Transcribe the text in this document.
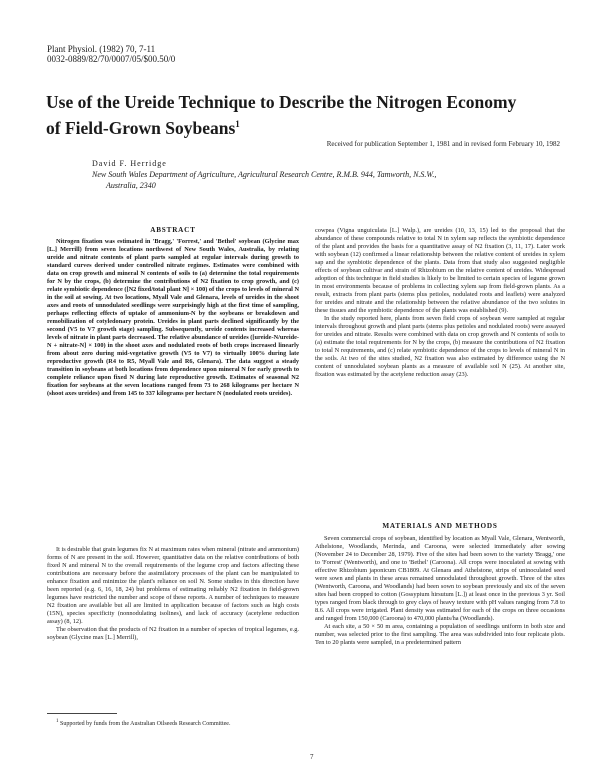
Plant Physiol. (1982) 70, 7-11
0032-0889/82/70/0007/05/$00.50/0
Use of the Ureide Technique to Describe the Nitrogen Economy
of Field-Grown Soybeans$^1$
Received for publication September 1, 1981 and in revised form February 10, 1982
David F. Herridge
New South Wales Department of Agriculture, Agricultural Research Centre, R.M.B. 944, Tamworth, N.S.W.,
Australia, 2340
ABSTRACT

Nitrogen fixation was estimated in 'Bragg,' 'Forrest,' and 'Bethel' soybean (Glycine max [L.] Merrill) from seven locations northwest of New South Wales, Australia, by relating ureide and nitrate contents of plant parts sampled at regular intervals during growth to standard curves derived under controlled nitrate regimes. Estimates were combined with data on crop growth and mineral N contents of soils to (a) determine the total requirements for N by the crops, (b) determine the contributions of N2 fixation to crop growth, and (c) relate symbiotic dependence ([N2 fixed/total plant N] × 100) of the crops to levels of mineral N in the soil at sowing. At two locations, Myall Vale and Glenara, levels of ureides in the shoot axes and roots of unnodulated seedlings were surprisingly high at the first time of sampling, perhaps reflecting effects of uptake of ammonium-N by the soybeans or breakdown and remobilization of cotyledonary protein. Ureides in plant parts declined significantly by the second (V5 to V7 growth stage) sampling. Subsequently, ureide contents increased whereas levels of nitrate in plant parts decreased. The relative abundance of ureides ([ureide-N/ureide-N + nitrate-N] × 100) in the shoot axes and nodulated roots of both crops increased linearly from about zero during mid-vegetative growth (V5 to V7) to virtually 100% during late reproductive growth (R4 to R5, Myall Vale and R6, Glenara). The data suggest a steady transition in soybeans at both locations from dependence upon mineral N for early growth to complete reliance upon fixed N during late reproductive growth. Estimates of seasonal N2 fixation for soybeans at the seven locations ranged from 73 to 268 kilograms per hectare N (shoot axes ureides) and from 145 to 337 kilograms per hectare N (nodulated roots ureides).

It is desirable that grain legumes fix N at maximum rates when mineral (nitrate and ammonium) forms of N are present in the soil. However, quantitative data on the relative contributions of both fixed N and mineral N to the overall requirements of the legume crop and factors affecting these contributions are necessary before the assimilatory processes of the plant can be manipulated to enhance fixation and minimize the plant's reliance on soil N. Some studies in this direction have been reported (e.g. 6, 16, 18, 24) but problems of estimating reliably N2 fixation in field-grown legumes have restricted the number and scope of these reports. A number of techniques to measure N2 fixation are available but all are limited in application because of factors such as high costs (15N), species specificity (nonnodulating isolines), and lack of accuracy (acetylene reduction assay) (8, 12).

The observation that the products of N2 fixation in a number of species of tropical legumes, e.g. soybean (Glycine max [L.] Merrill),

cowpea (Vigna unguiculata [L.] Walp.), are ureides (10, 13, 15) led to the proposal that the abundance of these compounds relative to total N in xylem sap reflects the symbiotic dependence of the plant and provides the basis for a quantitative assay of N2 fixation (3, 11, 17). Later work with soybean (12) confirmed a linear relationship between the relative content of ureides in xylem sap and the symbiotic dependence of the plants. Data from that study also suggested negligible effects of soybean cultivar and strain of Rhizobium on the relative content of ureides. Widespread adoption of this technique in field studies is likely to be limited to certain species of legume grown in most environments because of problems in collecting xylem sap from field-grown plants. As a result, extracts from plant parts (stems plus petioles, nodulated roots and leaflets) were analyzed for ureides and nitrate and the relationship between the relative abundance of the two solutes in these tissues and the symbiotic dependence of the plants was established (9).

In the study reported here, plants from seven field crops of soybean were sampled at regular intervals throughout growth and plant parts (stems plus petioles and nodulated roots) were assayed for ureides and nitrate. Results were combined with data on crop growth and N contents of soils to (a) estimate the total requirements for N by the crops, (b) measure the contributions of N2 fixation to total N requirements, and (c) relate symbiotic dependence of the crops to levels of mineral N in the soils. At two of the sites studied, N2 fixation was also estimated by difference using the N content of unnodulated soybean plants as a measure of available soil N (25). At another site, fixation was estimated by the acetylene reduction assay (23).

MATERIALS AND METHODS

Seven commercial crops of soybean, identified by location as Myall Vale, Glenara, Wentworth, Athelstone, Woodlands, Merinda, and Caroona, were selected immediately after sowing (November 24 to December 28, 1979). Five of the sites had been sown to the variety 'Bragg,' one to 'Forrest' (Wentworth), and one to 'Bethel' (Caroona). All crops were inoculated at sowing with effective Rhizobium japonicum CB1809. At Glenara and Athelstone, strips of uninoculated seed were sown and plants in these areas remained unnodulated throughout growth. Three of the sites (Wentworth, Caroona, and Woodlands) had been sown to soybean previously and six of the seven sites had been cropped to cotton (Gossypium hirsutum [L.]) at least once in the previous 3 yr. Soil types ranged from black through to grey clays of heavy texture with pH values ranging from 7.8 to 8.6. All crops were irrigated. Plant density was estimated for each of the crops on three occasions and ranged from 150,000 (Caroona) to 470,000 plants/ha (Woodlands).

At each site, a 50 × 50 m area, containing a population of seedlings uniform in both size and number, was selected prior to the first sampling. The area was subdivided into four replicate plots. Ten to 20 plants were sampled, in a predetermined pattern

$^1$ Supported by funds from the Australian Oilseeds Research Committee.
7
